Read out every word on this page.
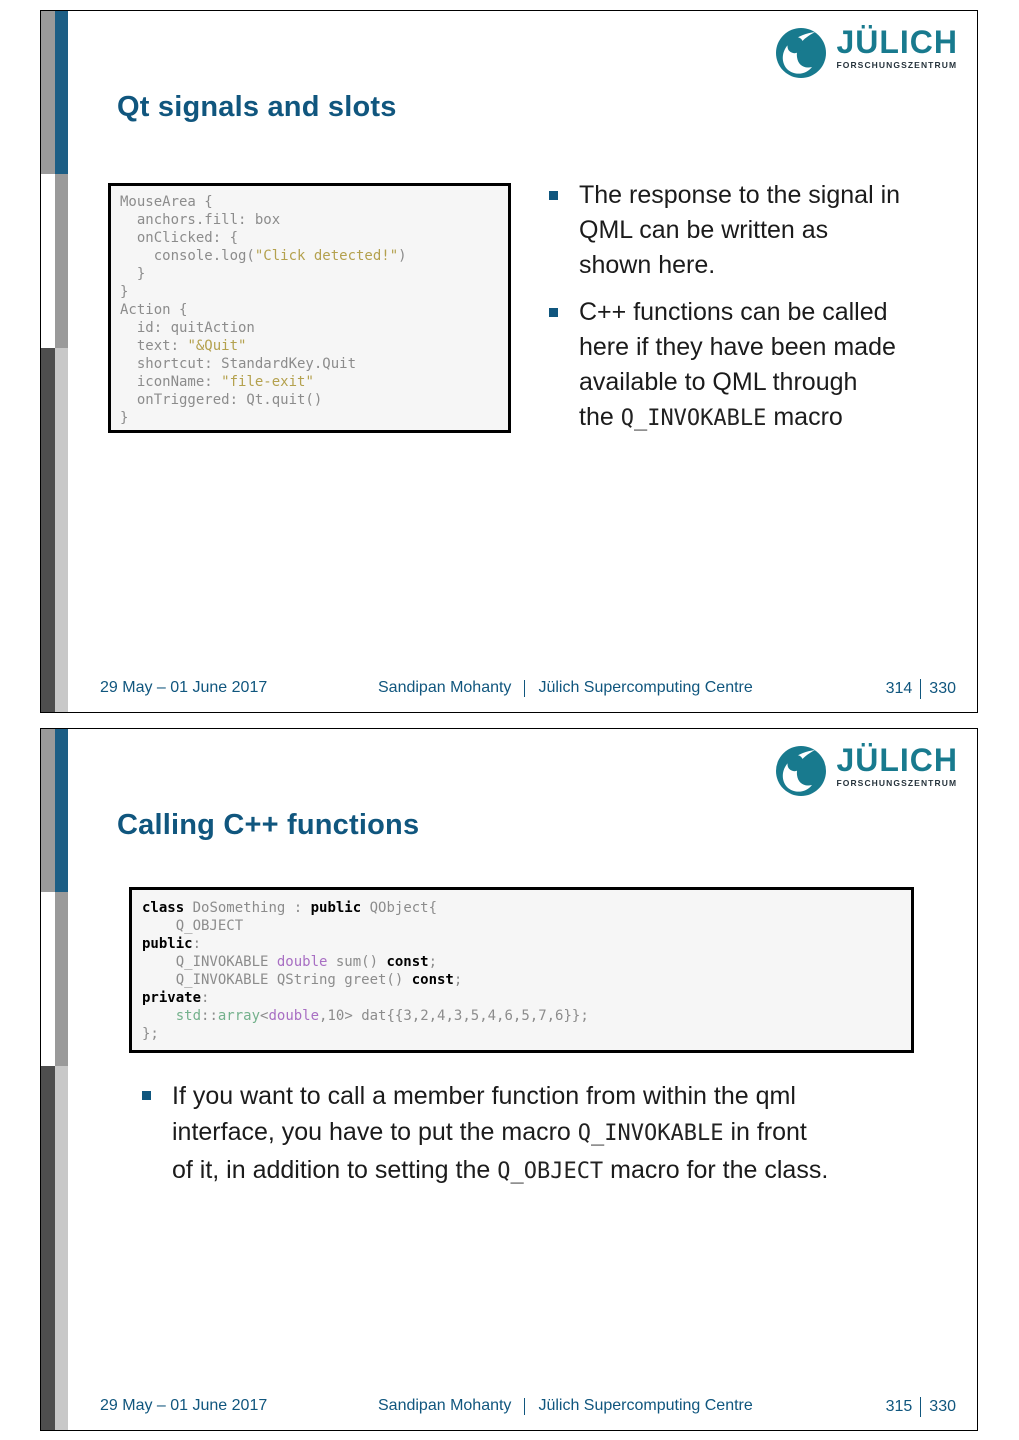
JÜLICH
FORSCHUNGSZENTRUM
Qt signals and slots
MouseArea {
anchors.fill: box
onClicked: {
console.log("Click detected!")
}
}
Action {
id: quitAction
text: "&Quit"
shortcut: StandardKey.Quit
iconName: "file-exit"
onTriggered: Qt.quit()
}
The response to the signal in
QML can be written as
shown here.
C++ functions can be called
here if they have been made
available to QML through
the Q_INVOKABLE macro
29 May – 01 June 2017	Sandipan Mohanty Jülich Supercomputing Centre	314 330
JÜLICH
FORSCHUNGSZENTRUM
Calling C++ functions
class DoSomething : public QObject{
Q_OBJECT
public:
Q_INVOKABLE double sum() const;
Q_INVOKABLE QString greet() const;
private:
std::array<double,10> dat{{3,2,4,3,5,4,6,5,7,6}};
};
If you want to call a member function from within the qml
interface, you have to put the macro Q_INVOKABLE in front
of it, in addition to setting the Q_OBJECT macro for the class.
29 May – 01 June 2017	Sandipan Mohanty Jülich Supercomputing Centre	315 330
